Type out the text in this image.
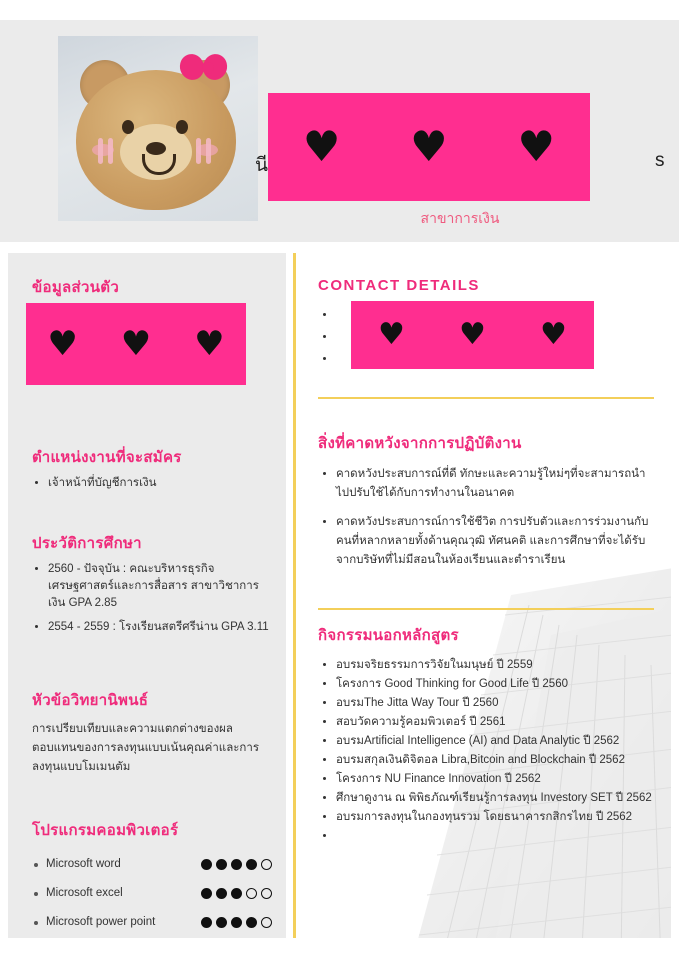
นี	s
♥ ♥ ♥
สาขาการเงิน
ข้อมูลส่วนตัว
♥ ♥ ♥
ตำแหน่งงานที่จะสมัคร
• เจ้าหน้าที่บัญชีการเงิน
ประวัติการศึกษา
• 2560 - ปัจจุบัน : คณะบริหารธุรกิจ เศรษฐศาสตร์และการสื่อสาร สาขาวิชาการเงิน GPA 2.85
• 2554 - 2559 : โรงเรียนสตรีศรีน่าน GPA 3.11
หัวข้อวิทยานิพนธ์
การเปรียบเทียบและความแตกต่างของผลตอบแทนของการลงทุนแบบเน้นคุณค่าและการลงทุนแบบโมเมนตัม
โปรแกรมคอมพิวเตอร์
Microsoft word
Microsoft excel
Microsoft power point
CONTACT DETAILS
•
•
•
♥ ♥ ♥
สิ่งที่คาดหวังจากการปฏิบัติงาน
• คาดหวังประสบการณ์ที่ดี ทักษะและความรู้ใหม่ๆที่จะสามารถนำไปปรับใช้ได้กับการทำงานในอนาคต
• คาดหวังประสบการณ์การใช้ชีวิต การปรับตัวและการร่วมงานกับคนที่หลากหลายทั้งด้านคุณวุฒิ ทัศนคติ และการศึกษาที่จะได้รับจากบริษัทที่ไม่มีสอนในห้องเรียนและตำราเรียน
กิจกรรมนอกหลักสูตร
• อบรมจริยธรรมการวิจัยในมนุษย์ ปี 2559
• โครงการ Good Thinking for Good Life ปี 2560
• อบรมThe Jitta Way Tour ปี 2560
• สอบวัดความรู้คอมพิวเตอร์ ปี 2561
• อบรมArtificial Intelligence (AI) and Data Analytic ปี 2562
• อบรมสกุลเงินดิจิตอล Libra,Bitcoin and Blockchain ปี 2562
• โครงการ NU Finance Innovation ปี 2562
• ศึกษาดูงาน ณ พิพิธภัณฑ์เรียนรู้การลงทุน Investory SET ปี 2562
• อบรมการลงทุนในกองทุนรวม โดยธนาคารกสิกรไทย ปี 2562
•
